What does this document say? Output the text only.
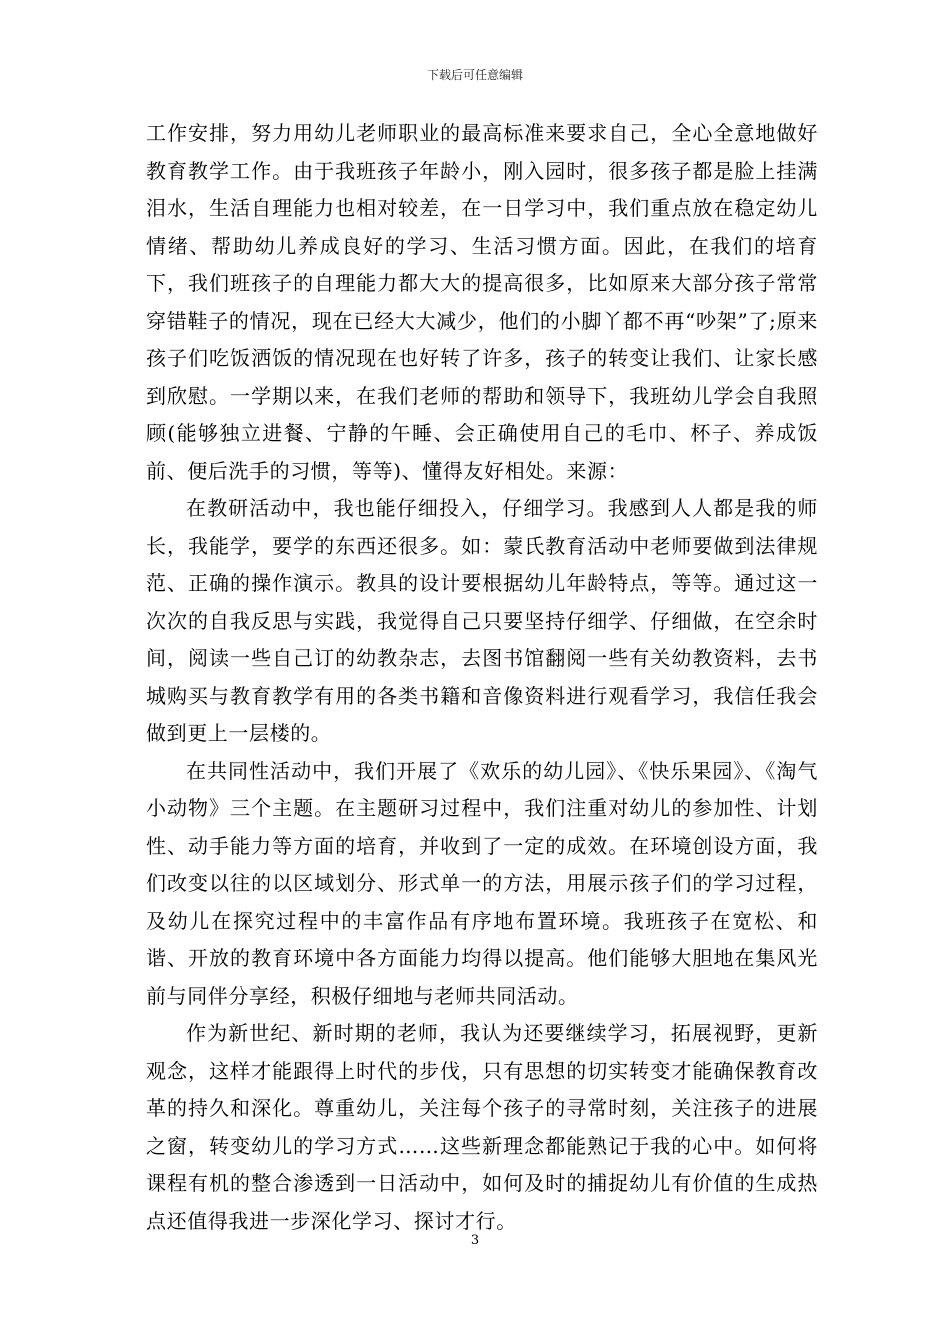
下载后可任意编辑

工作安排，努力用幼儿老师职业的最高标准来要求自己，全心全意地做好教育教学工作。由于我班孩子年龄小，刚入园时，很多孩子都是脸上挂满泪水，生活自理能力也相对较差，在一日学习中，我们重点放在稳定幼儿情绪、帮助幼儿养成良好的学习、生活习惯方面。因此，在我们的培育下，我们班孩子的自理能力都大大的提高很多，比如原来大部分孩子常常穿错鞋子的情况，现在已经大大减少，他们的小脚丫都不再“吵架”了;原来孩子们吃饭洒饭的情况现在也好转了许多，孩子的转变让我们、让家长感到欣慰。一学期以来，在我们老师的帮助和领导下，我班幼儿学会自我照顾(能够独立进餐、宁静的午睡、会正确使用自己的毛巾、杯子、养成饭前、便后洗手的习惯，等等)、懂得友好相处。来源：

在教研活动中，我也能仔细投入，仔细学习。我感到人人都是我的师长，我能学，要学的东西还很多。如：蒙氏教育活动中老师要做到法律规范、正确的操作演示。教具的设计要根据幼儿年龄特点，等等。通过这一次次的自我反思与实践，我觉得自己只要坚持仔细学、仔细做，在空余时间，阅读一些自己订的幼教杂志，去图书馆翻阅一些有关幼教资料，去书城购买与教育教学有用的各类书籍和音像资料进行观看学习，我信任我会做到更上一层楼的。

在共同性活动中，我们开展了《欢乐的幼儿园》、《快乐果园》、《淘气小动物》三个主题。在主题研习过程中，我们注重对幼儿的参加性、计划性、动手能力等方面的培育，并收到了一定的成效。在环境创设方面，我们改变以往的以区域划分、形式单一的方法，用展示孩子们的学习过程，及幼儿在探究过程中的丰富作品有序地布置环境。我班孩子在宽松、和谐、开放的教育环境中各方面能力均得以提高。他们能够大胆地在集风光前与同伴分享经，积极仔细地与老师共同活动。

作为新世纪、新时期的老师，我认为还要继续学习，拓展视野，更新观念，这样才能跟得上时代的步伐，只有思想的切实转变才能确保教育改革的持久和深化。尊重幼儿，关注每个孩子的寻常时刻，关注孩子的进展之窗，转变幼儿的学习方式……这些新理念都能熟记于我的心中。如何将课程有机的整合渗透到一日活动中，如何及时的捕捉幼儿有价值的生成热点还值得我进一步深化学习、探讨才行。

3
